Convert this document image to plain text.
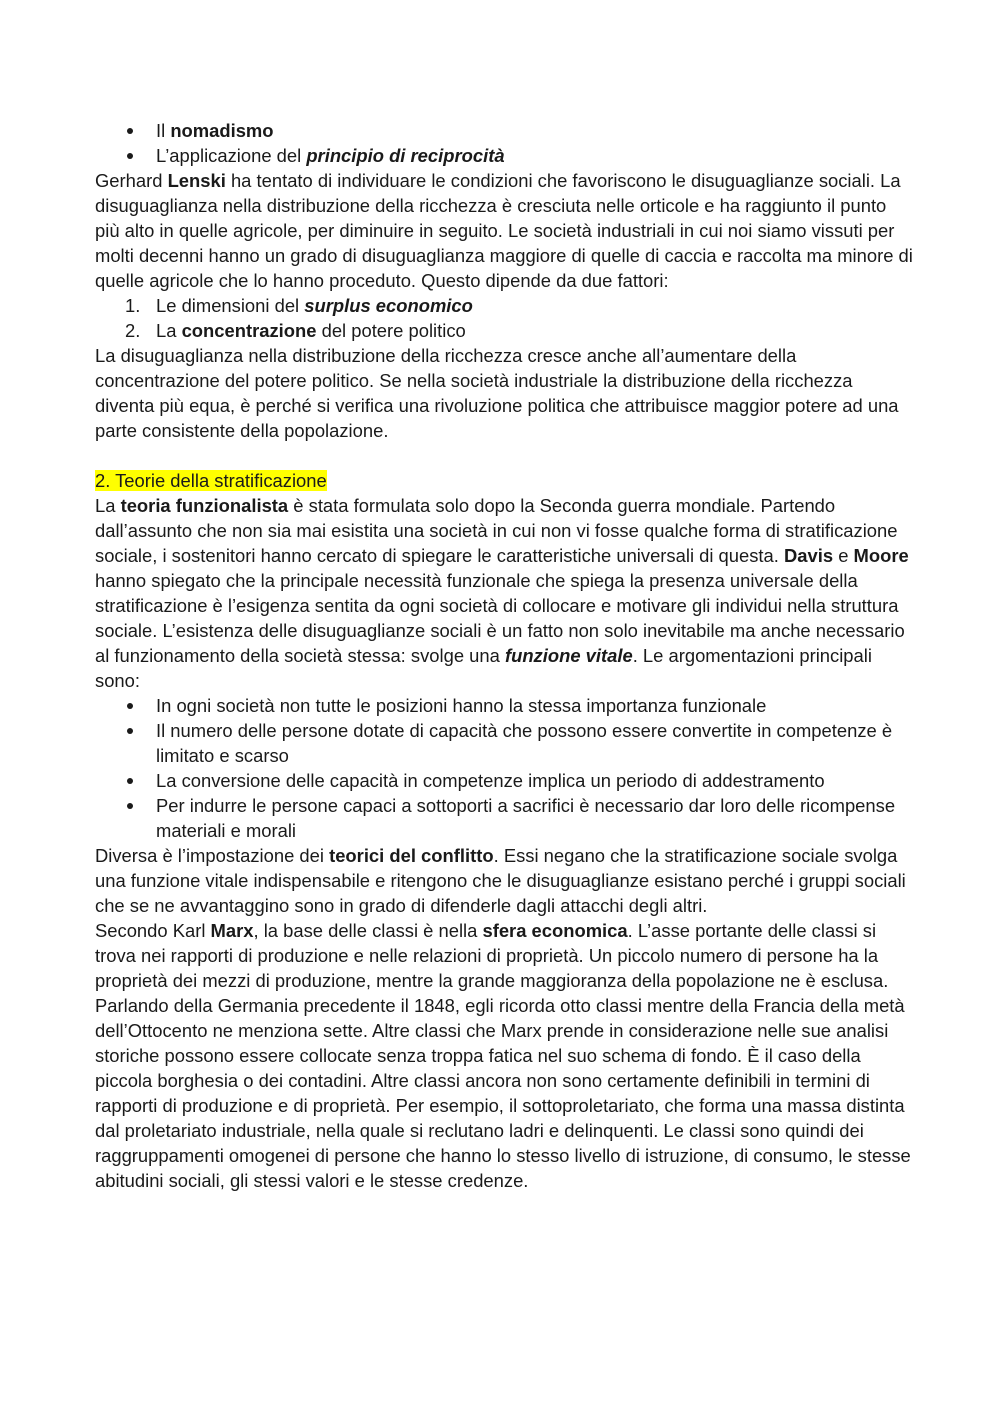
Il nomadismo
L’applicazione del principio di reciprocità

Gerhard Lenski ha tentato di individuare le condizioni che favoriscono le disuguaglianze sociali. La disuguaglianza nella distribuzione della ricchezza è cresciuta nelle orticole e ha raggiunto il punto più alto in quelle agricole, per diminuire in seguito. Le società industriali in cui noi siamo vissuti per molti decenni hanno un grado di disuguaglianza maggiore di quelle di caccia e raccolta ma minore di quelle agricole che lo hanno proceduto. Questo dipende da due fattori:

1. Le dimensioni del surplus economico
2. La concentrazione del potere politico

La disuguaglianza nella distribuzione della ricchezza cresce anche all’aumentare della concentrazione del potere politico. Se nella società industriale la distribuzione della ricchezza diventa più equa, è perché si verifica una rivoluzione politica che attribuisce maggior potere ad una parte consistente della popolazione.

2. Teorie della stratificazione

La teoria funzionalista è stata formulata solo dopo la Seconda guerra mondiale. Partendo dall’assunto che non sia mai esistita una società in cui non vi fosse qualche forma di stratificazione sociale, i sostenitori hanno cercato di spiegare le caratteristiche universali di questa. Davis e Moore hanno spiegato che la principale necessità funzionale che spiega la presenza universale della stratificazione è l’esigenza sentita da ogni società di collocare e motivare gli individui nella struttura sociale. L’esistenza delle disuguaglianze sociali è un fatto non solo inevitabile ma anche necessario al funzionamento della società stessa: svolge una funzione vitale. Le argomentazioni principali sono:

In ogni società non tutte le posizioni hanno la stessa importanza funzionale
Il numero delle persone dotate di capacità che possono essere convertite in competenze è limitato e scarso
La conversione delle capacità in competenze implica un periodo di addestramento
Per indurre le persone capaci a sottoporti a sacrifici è necessario dar loro delle ricompense materiali e morali

Diversa è l’impostazione dei teorici del conflitto. Essi negano che la stratificazione sociale svolga una funzione vitale indispensabile e ritengono che le disuguaglianze esistano perché i gruppi sociali che se ne avvantaggino sono in grado di difenderle dagli attacchi degli altri.

Secondo Karl Marx, la base delle classi è nella sfera economica. L’asse portante delle classi si trova nei rapporti di produzione e nelle relazioni di proprietà. Un piccolo numero di persone ha la proprietà dei mezzi di produzione, mentre la grande maggioranza della popolazione ne è esclusa. Parlando della Germania precedente il 1848, egli ricorda otto classi mentre della Francia della metà dell’Ottocento ne menziona sette. Altre classi che Marx prende in considerazione nelle sue analisi storiche possono essere collocate senza troppa fatica nel suo schema di fondo. È il caso della piccola borghesia o dei contadini. Altre classi ancora non sono certamente definibili in termini di rapporti di produzione e di proprietà. Per esempio, il sottoproletariato, che forma una massa distinta dal proletariato industriale, nella quale si reclutano ladri e delinquenti. Le classi sono quindi dei raggruppamenti omogenei di persone che hanno lo stesso livello di istruzione, di consumo, le stesse abitudini sociali, gli stessi valori e le stesse credenze.
